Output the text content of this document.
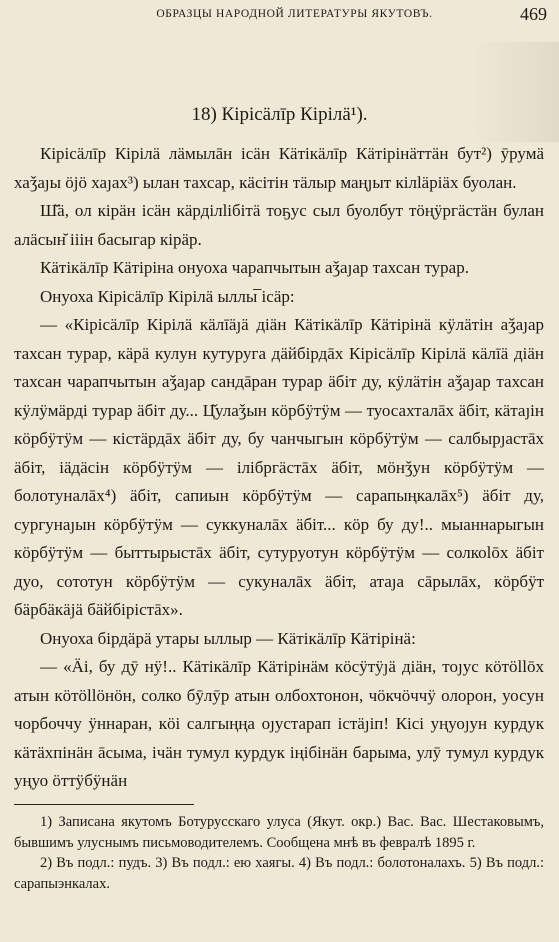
ОБРАЗЦЫ НАРОДНОЙ ЛИТЕРАТУРЫ ЯКУТОВЪ.	469
18) Кірісäлīр Кірілä¹).

Кірісäлīр Кірілä лäмылāн ісäн Кäтікäлīр Кäтірінäттäн бут²) ӯрумä хаǯаȷы ӧјӧ хаȷах³) ылан тахсар, кäсітін тäлыр маңȷыт кілläріäх буолан.

Ш̌ä, ол кірäн ісäн кäрділlібітä тоҕус сыл буолбут тӧңӱргäстäн булан алäсын̆ ііін басыгар кірäр.

Кäтікäлīр Кäтірінa онуоха чарапчытын аǯаȷар тахсан турар.

Онуоха Кірісäлīр Кірілä ыллы̅ ісäр:

— «Кірісäлīр Кірілä кäлīäȷä діäн Кäтікäлīр Кäтірінä кӱлäтін аǯаȷар тахсан турар, кäрä кулун кутуруга дäйбірдāх Кірісäлīр Кірілä кäлīä діäн тахсан чарапчытын аǯаȷар сандāран турар äбіт ду, кӱлäтін аǯаȷар тахсан кӱлӱмäрді турар äбіт ду... Ц̌улаǯын кӧрбӱтӱм — туосахталāх äбіт, кäтаȷін кӧрбӱтӱм — кістäрдāх äбіт ду, бу чанчыгын кӧрбӱтӱм — салбырȷастāх äбіт, іäдäсін кӧрбӱтӱм — ілібргäстāх äбіт, мӧнǯун кӧрбӱтӱм — болотуналāх⁴) äбіт, сапиын кӧрбӱтӱм — сарапыңкалāх⁵) äбіт ду, сургунаȷын кӧрбӱтӱм — суккуналāх äбіт... кӧр бу ду!.. мыаннарыгын кӧрбӱтӱм — быттырыстāх äбіт, сутуруотун кӧрбӱтӱм — солкоlōх äбіт дуо, сототун кӧрбӱтӱм — сукуналāх äбіт, атаȷа сāрылāх, кӧрбӱт бäрбäкäјä бäйбірістāх».

Онуоха бірдäрä утары ыллыр — Кäтікäлīр Кäтірінä:

— «Äі, бу дӯ нӱ!.. Кäтікäлīр Кäтірінäм кӧсӱтӱȷä діäн, тоȷус кӧтӧllōх атын кӧтӧllӧнӧн, солко бӯлӯр атын олбохтонон, чӧкчӧччӱ олорон, уосун чорбоччу ӱннаран, кӧі салгыңңа оȷустарап істäȷіп! Кісі уңуоȷун курдук кäтäхпінäн āсыма, ічäн тумул курдук іңібінäн барыма, улӯ тумул курдук уңуо ӧттӱбӱнäн

1) Записана якутомъ Ботурусскаго улуса (Якут. окр.) Вас. Вас. Шестаковымъ, бывшимъ улуснымъ письмоводителемъ. Сообщена мнѣ въ февралѣ 1895 г.

2) Въ подл.: пудъ. 3) Въ подл.: ею хаягы. 4) Въ подл.: болотоналахъ. 5) Въ подл.: сарапыэнкалах.
